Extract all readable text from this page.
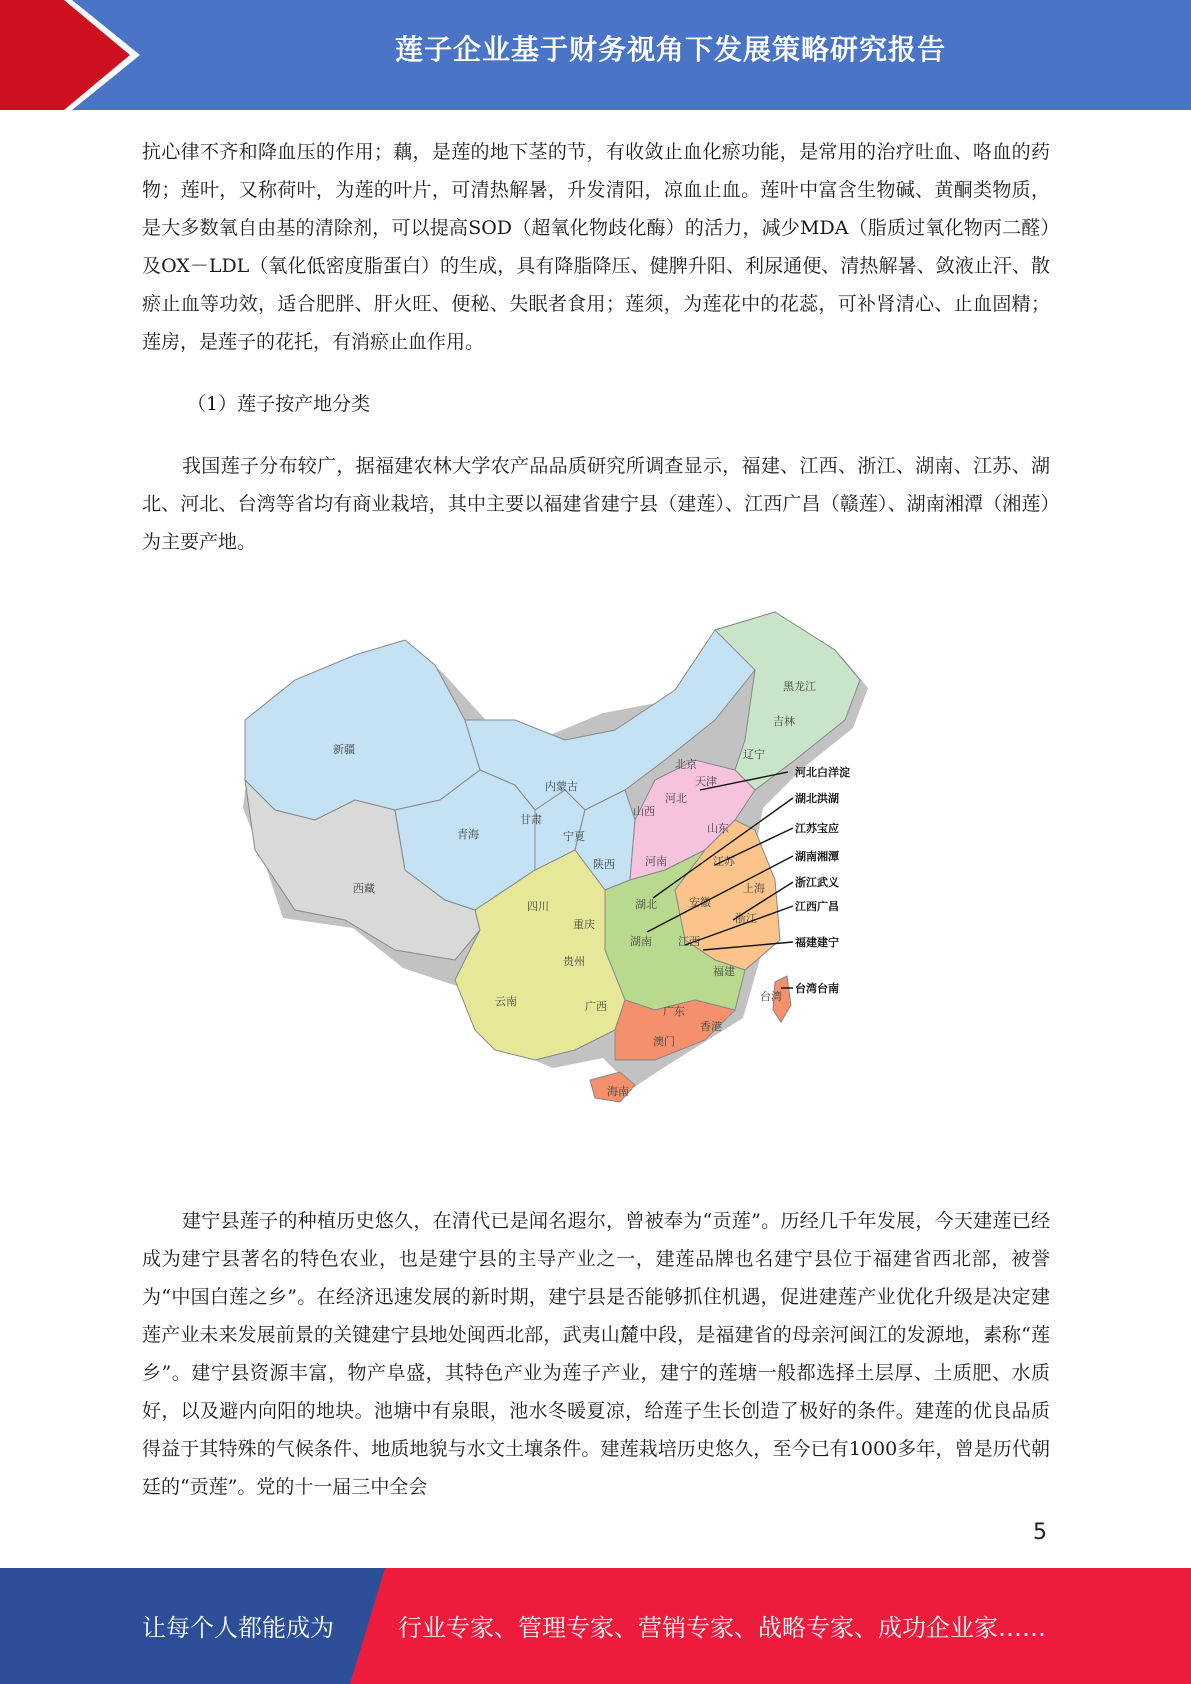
莲子企业基于财务视角下发展策略研究报告

抗心律不齐和降血压的作用；藕，是莲的地下茎的节，有收敛止血化瘀功能，是常用的治疗吐血、咯血的药物；莲叶，又称荷叶，为莲的叶片，可清热解暑，升发清阳，凉血止血。莲叶中富含生物碱、黄酮类物质，是大多数氧自由基的清除剂，可以提高SOD（超氧化物歧化酶）的活力，减少MDA（脂质过氧化物丙二醛）及OX－LDL（氧化低密度脂蛋白）的生成，具有降脂降压、健脾升阳、利尿通便、清热解暑、敛液止汗、散瘀止血等功效，适合肥胖、肝火旺、便秘、失眠者食用；莲须，为莲花中的花蕊，可补肾清心、止血固精；莲房，是莲子的花托，有消瘀止血作用。

（1）莲子按产地分类

我国莲子分布较广，据福建农林大学农产品品质研究所调查显示，福建、江西、浙江、湖南、江苏、湖北、河北、台湾等省均有商业栽培，其中主要以福建省建宁县（建莲）、江西广昌（赣莲）、湖南湘潭（湘莲）为主要产地。

新疆
西藏
青海
内蒙古
甘肃
宁夏
陕西
四川
重庆
云南
贵州
广西
黑龙江
吉林
辽宁
北京
天津
河北
山西
山东
河南	江苏
安徽
湖北
湖南 江西
浙江
上海
福建
广东
海南
台湾
香港
澳门
河北白洋淀
湖北洪湖
江苏宝应
湖南湘潭
浙江武义
江西广昌
福建建宁
台湾台南

建宁县莲子的种植历史悠久，在清代已是闻名遐尔，曾被奉为“贡莲”。历经几千年发展，今天建莲已经成为建宁县著名的特色农业，也是建宁县的主导产业之一，建莲品牌也名建宁县位于福建省西北部，被誉为“中国白莲之乡”。在经济迅速发展的新时期，建宁县是否能够抓住机遇，促进建莲产业优化升级是决定建莲产业未来发展前景的关键建宁县地处闽西北部，武夷山麓中段，是福建省的母亲河闽江的发源地，素称“莲乡”。建宁县资源丰富，物产阜盛，其特色产业为莲子产业，建宁的莲塘一般都选择土层厚、土质肥、水质好，以及避内向阳的地块。池塘中有泉眼，池水冬暖夏凉，给莲子生长创造了极好的条件。建莲的优良品质得益于其特殊的气候条件、地质地貌与水文土壤条件。建莲栽培历史悠久，至今已有1000多年，曾是历代朝廷的“贡莲”。党的十一届三中全会

5
让每个人都能成为	行业专家、管理专家、营销专家、战略专家、成功企业家……
